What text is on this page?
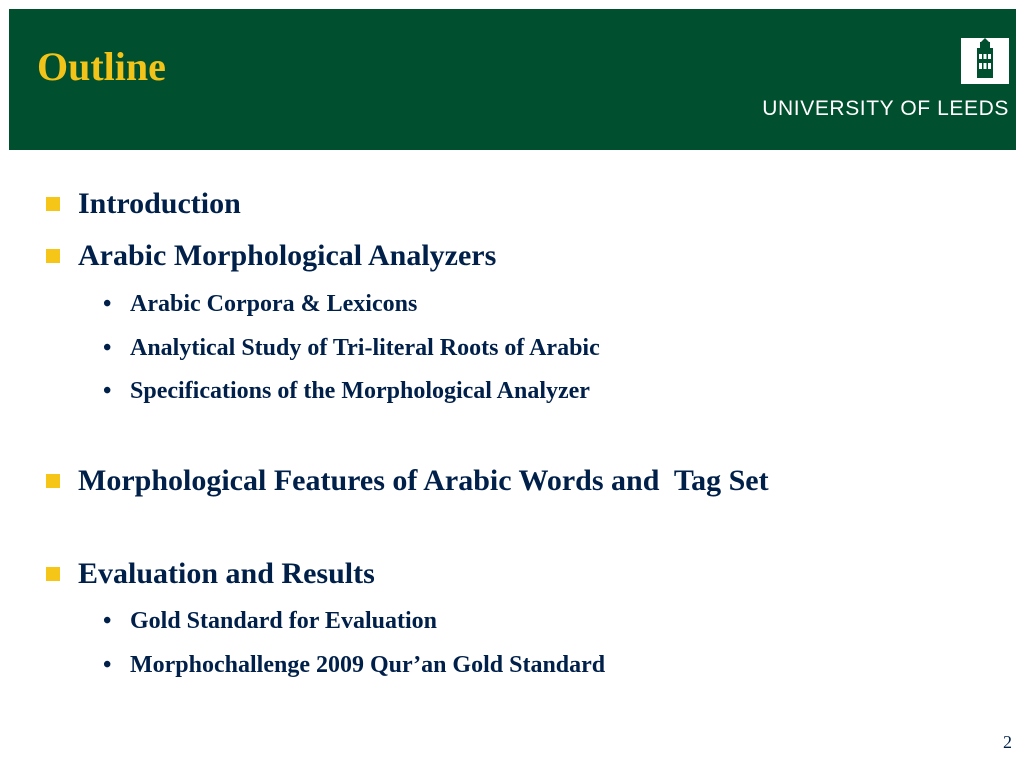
Outline
UNIVERSITY OF LEEDS
Introduction
Arabic Morphological Analyzers
• Arabic Corpora & Lexicons
• Analytical Study of Tri-literal Roots of Arabic
• Specifications of the Morphological Analyzer
Morphological Features of Arabic Words and  Tag Set
Evaluation and Results
• Gold Standard for Evaluation
• Morphochallenge 2009 Qur’an Gold Standard
2
